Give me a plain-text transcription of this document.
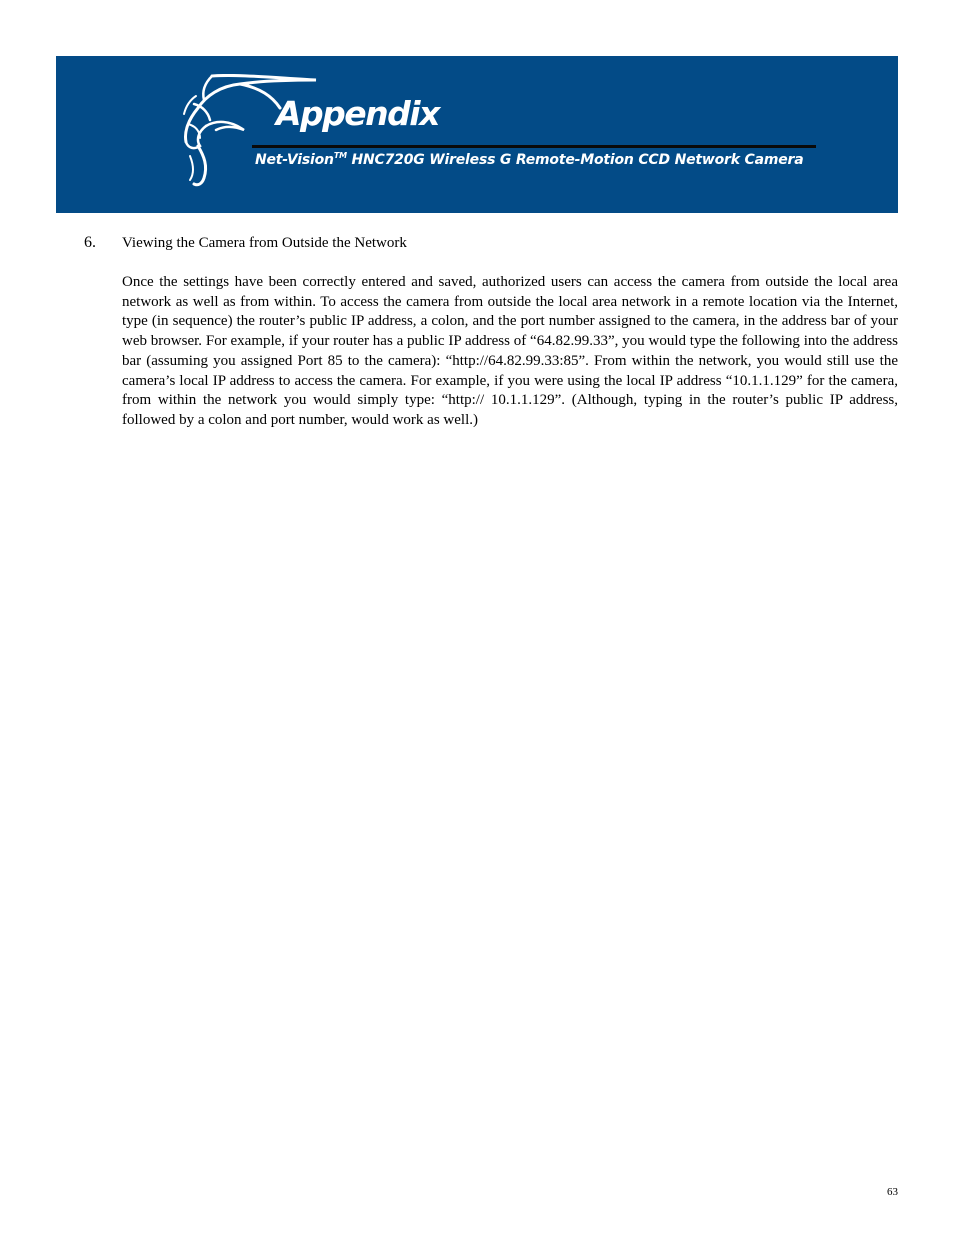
Appendix
Net-Vision™ HNC720G Wireless G Remote-Motion CCD Network Camera
6. Viewing the Camera from Outside the Network
Once the settings have been correctly entered and saved, authorized users can access the camera from outside the local area network as well as from within. To access the camera from outside the local area network in a remote location via the Internet, type (in sequence) the router’s public IP address, a colon, and the port number assigned to the camera, in the address bar of your web browser. For example, if your router has a public IP address of “64.82.99.33”, you would type the following into the address bar (assuming you assigned Port 85 to the camera): “http://64.82.99.33:85”. From within the network, you would still use the camera’s local IP address to access the camera. For example, if you were using the local IP address “10.1.1.129” for the camera, from within the network you would simply type: “http:// 10.1.1.129”. (Although, typing in the router’s public IP address, followed by a colon and port number, would work as well.)
63
